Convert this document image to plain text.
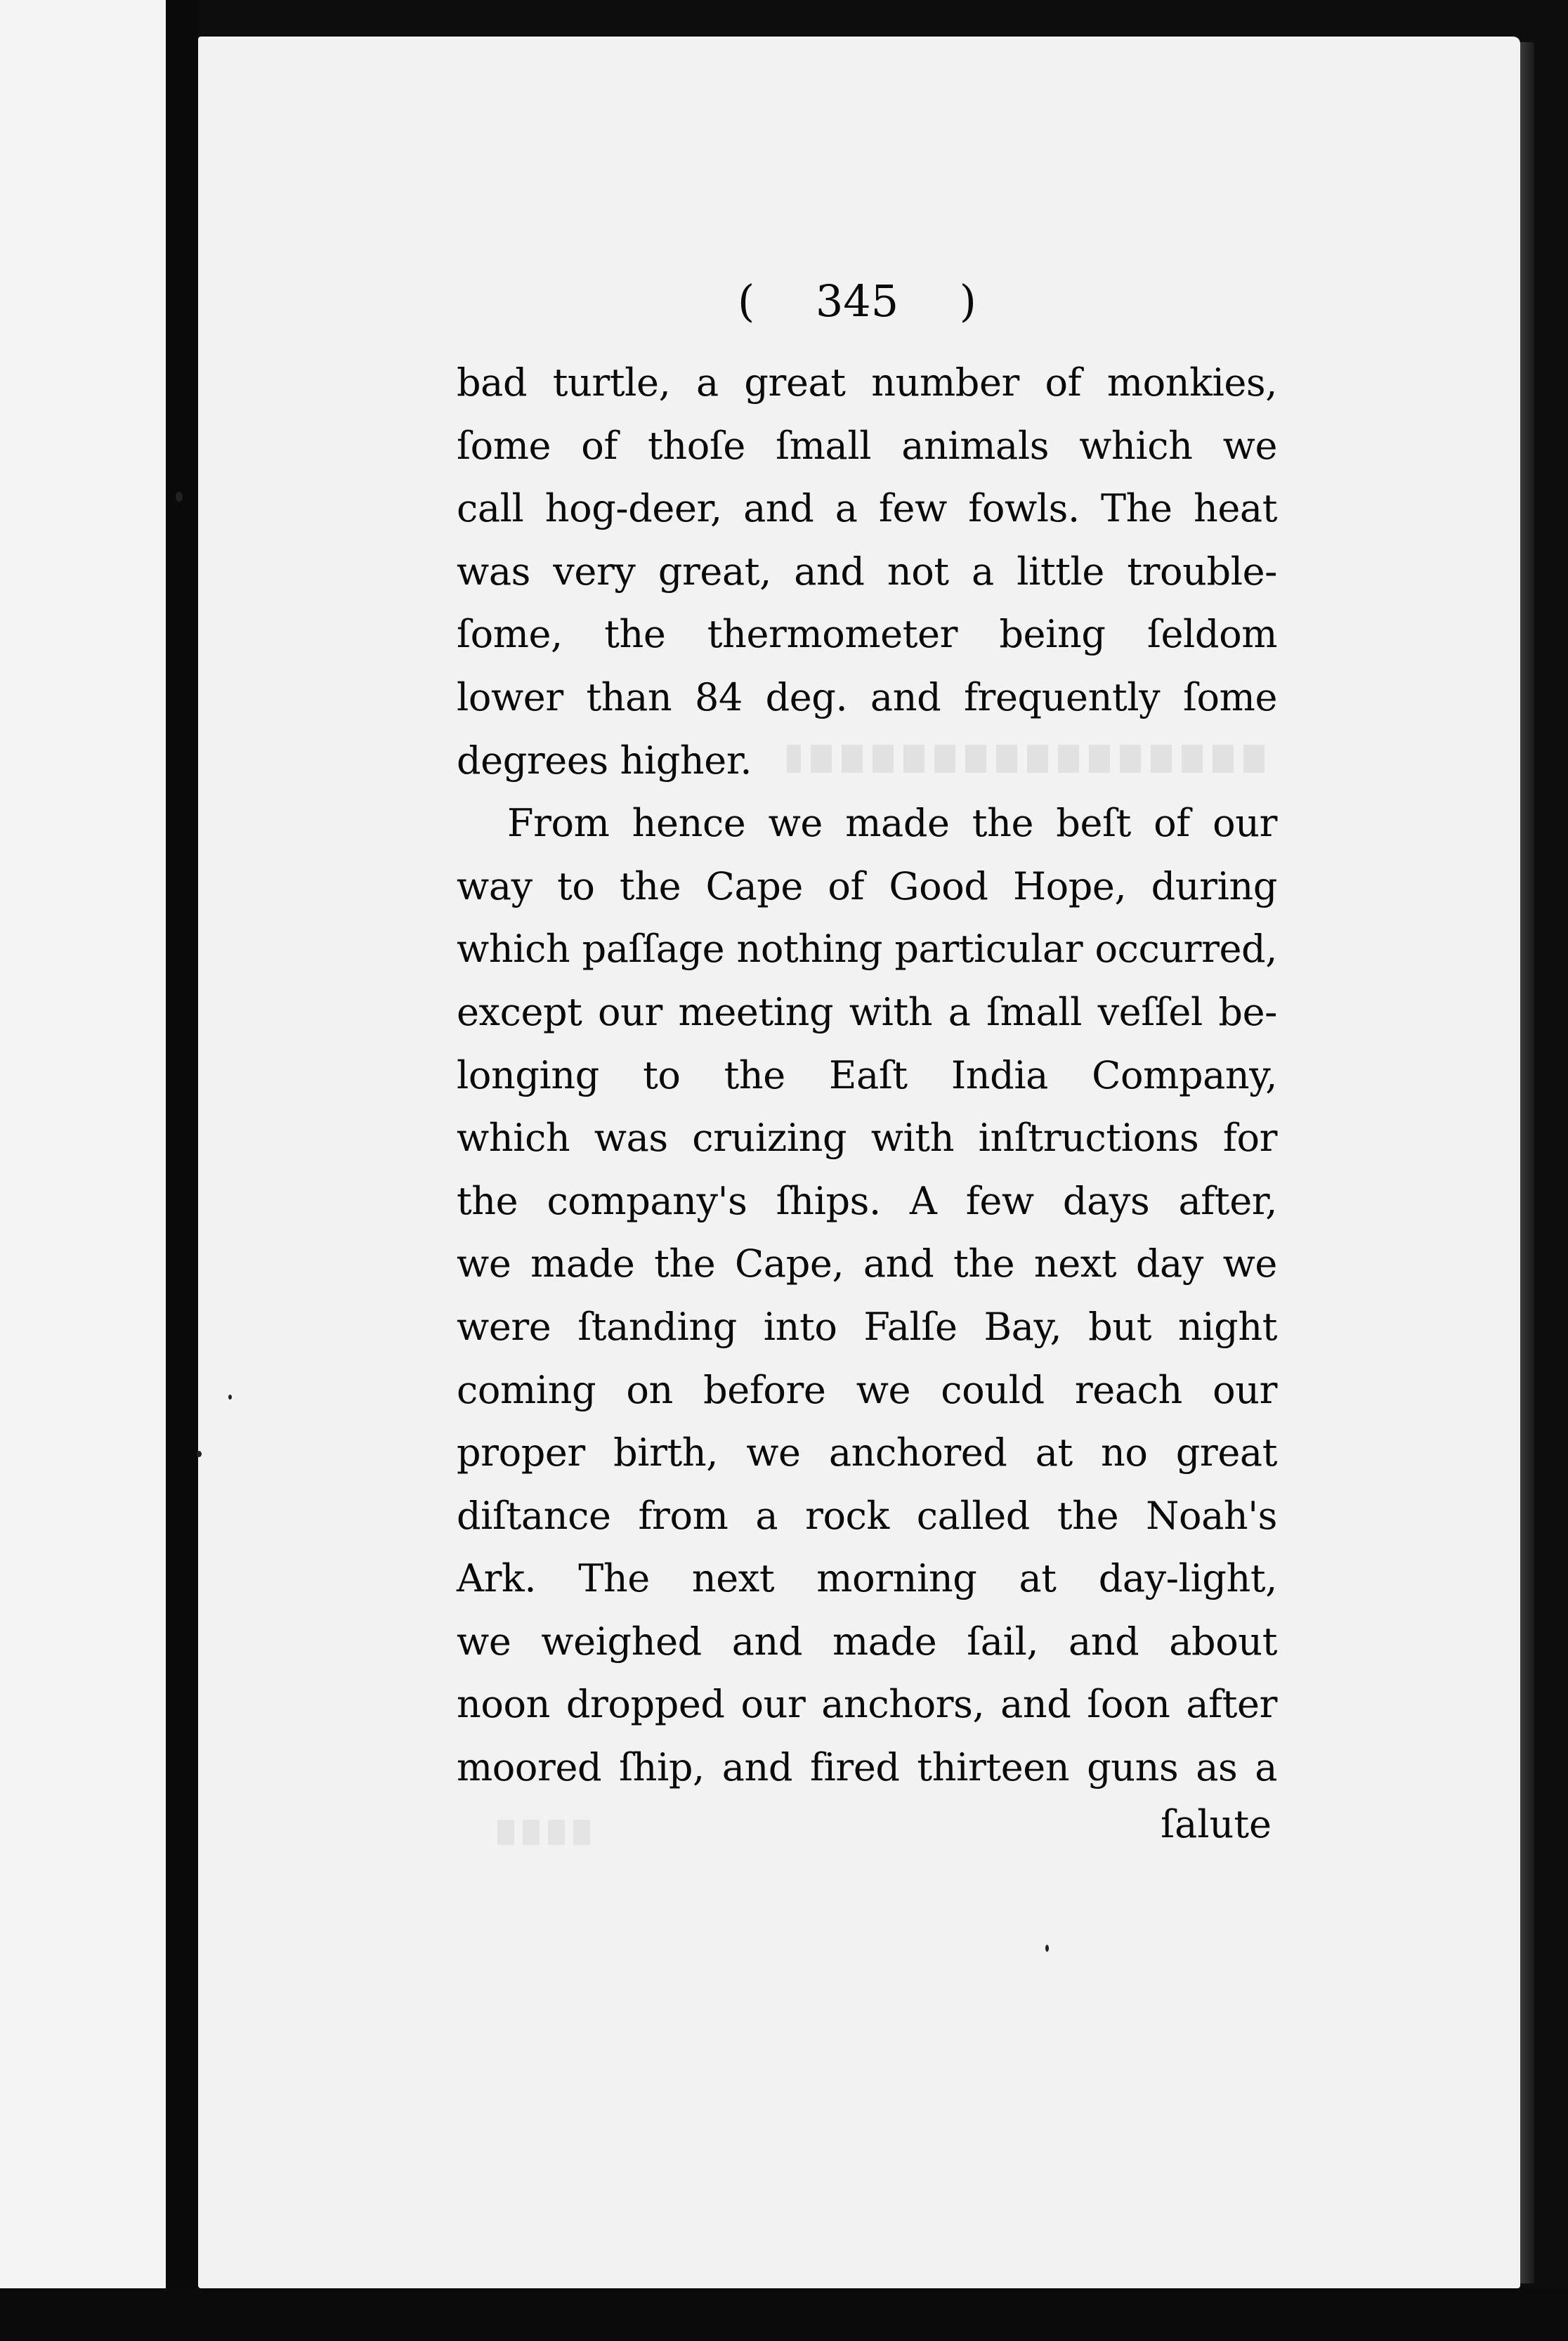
( 345 )
bad turtle, a great number of monkies,
ſome of thoſe ſmall animals which we
call hog-deer, and a few fowls. The heat
was very great, and not a little trouble-
ſome, the thermometer being ſeldom
lower than 84 deg. and frequently ſome
degrees higher.
From hence we made the beſt of our
way to the Cape of Good Hope, during
which paſſage nothing particular occurred,
except our meeting with a ſmall veſſel be-
longing to the Eaſt India Company,
which was cruizing with inſtructions for
the company's ſhips. A few days after,
we made the Cape, and the next day we
were ſtanding into Falſe Bay, but night
coming on before we could reach our
proper birth, we anchored at no great
diſtance from a rock called the Noah's
Ark. The next morning at day-light,
we weighed and made ſail, and about
noon dropped our anchors, and ſoon after
moored ſhip, and fired thirteen guns as a
ſalute
